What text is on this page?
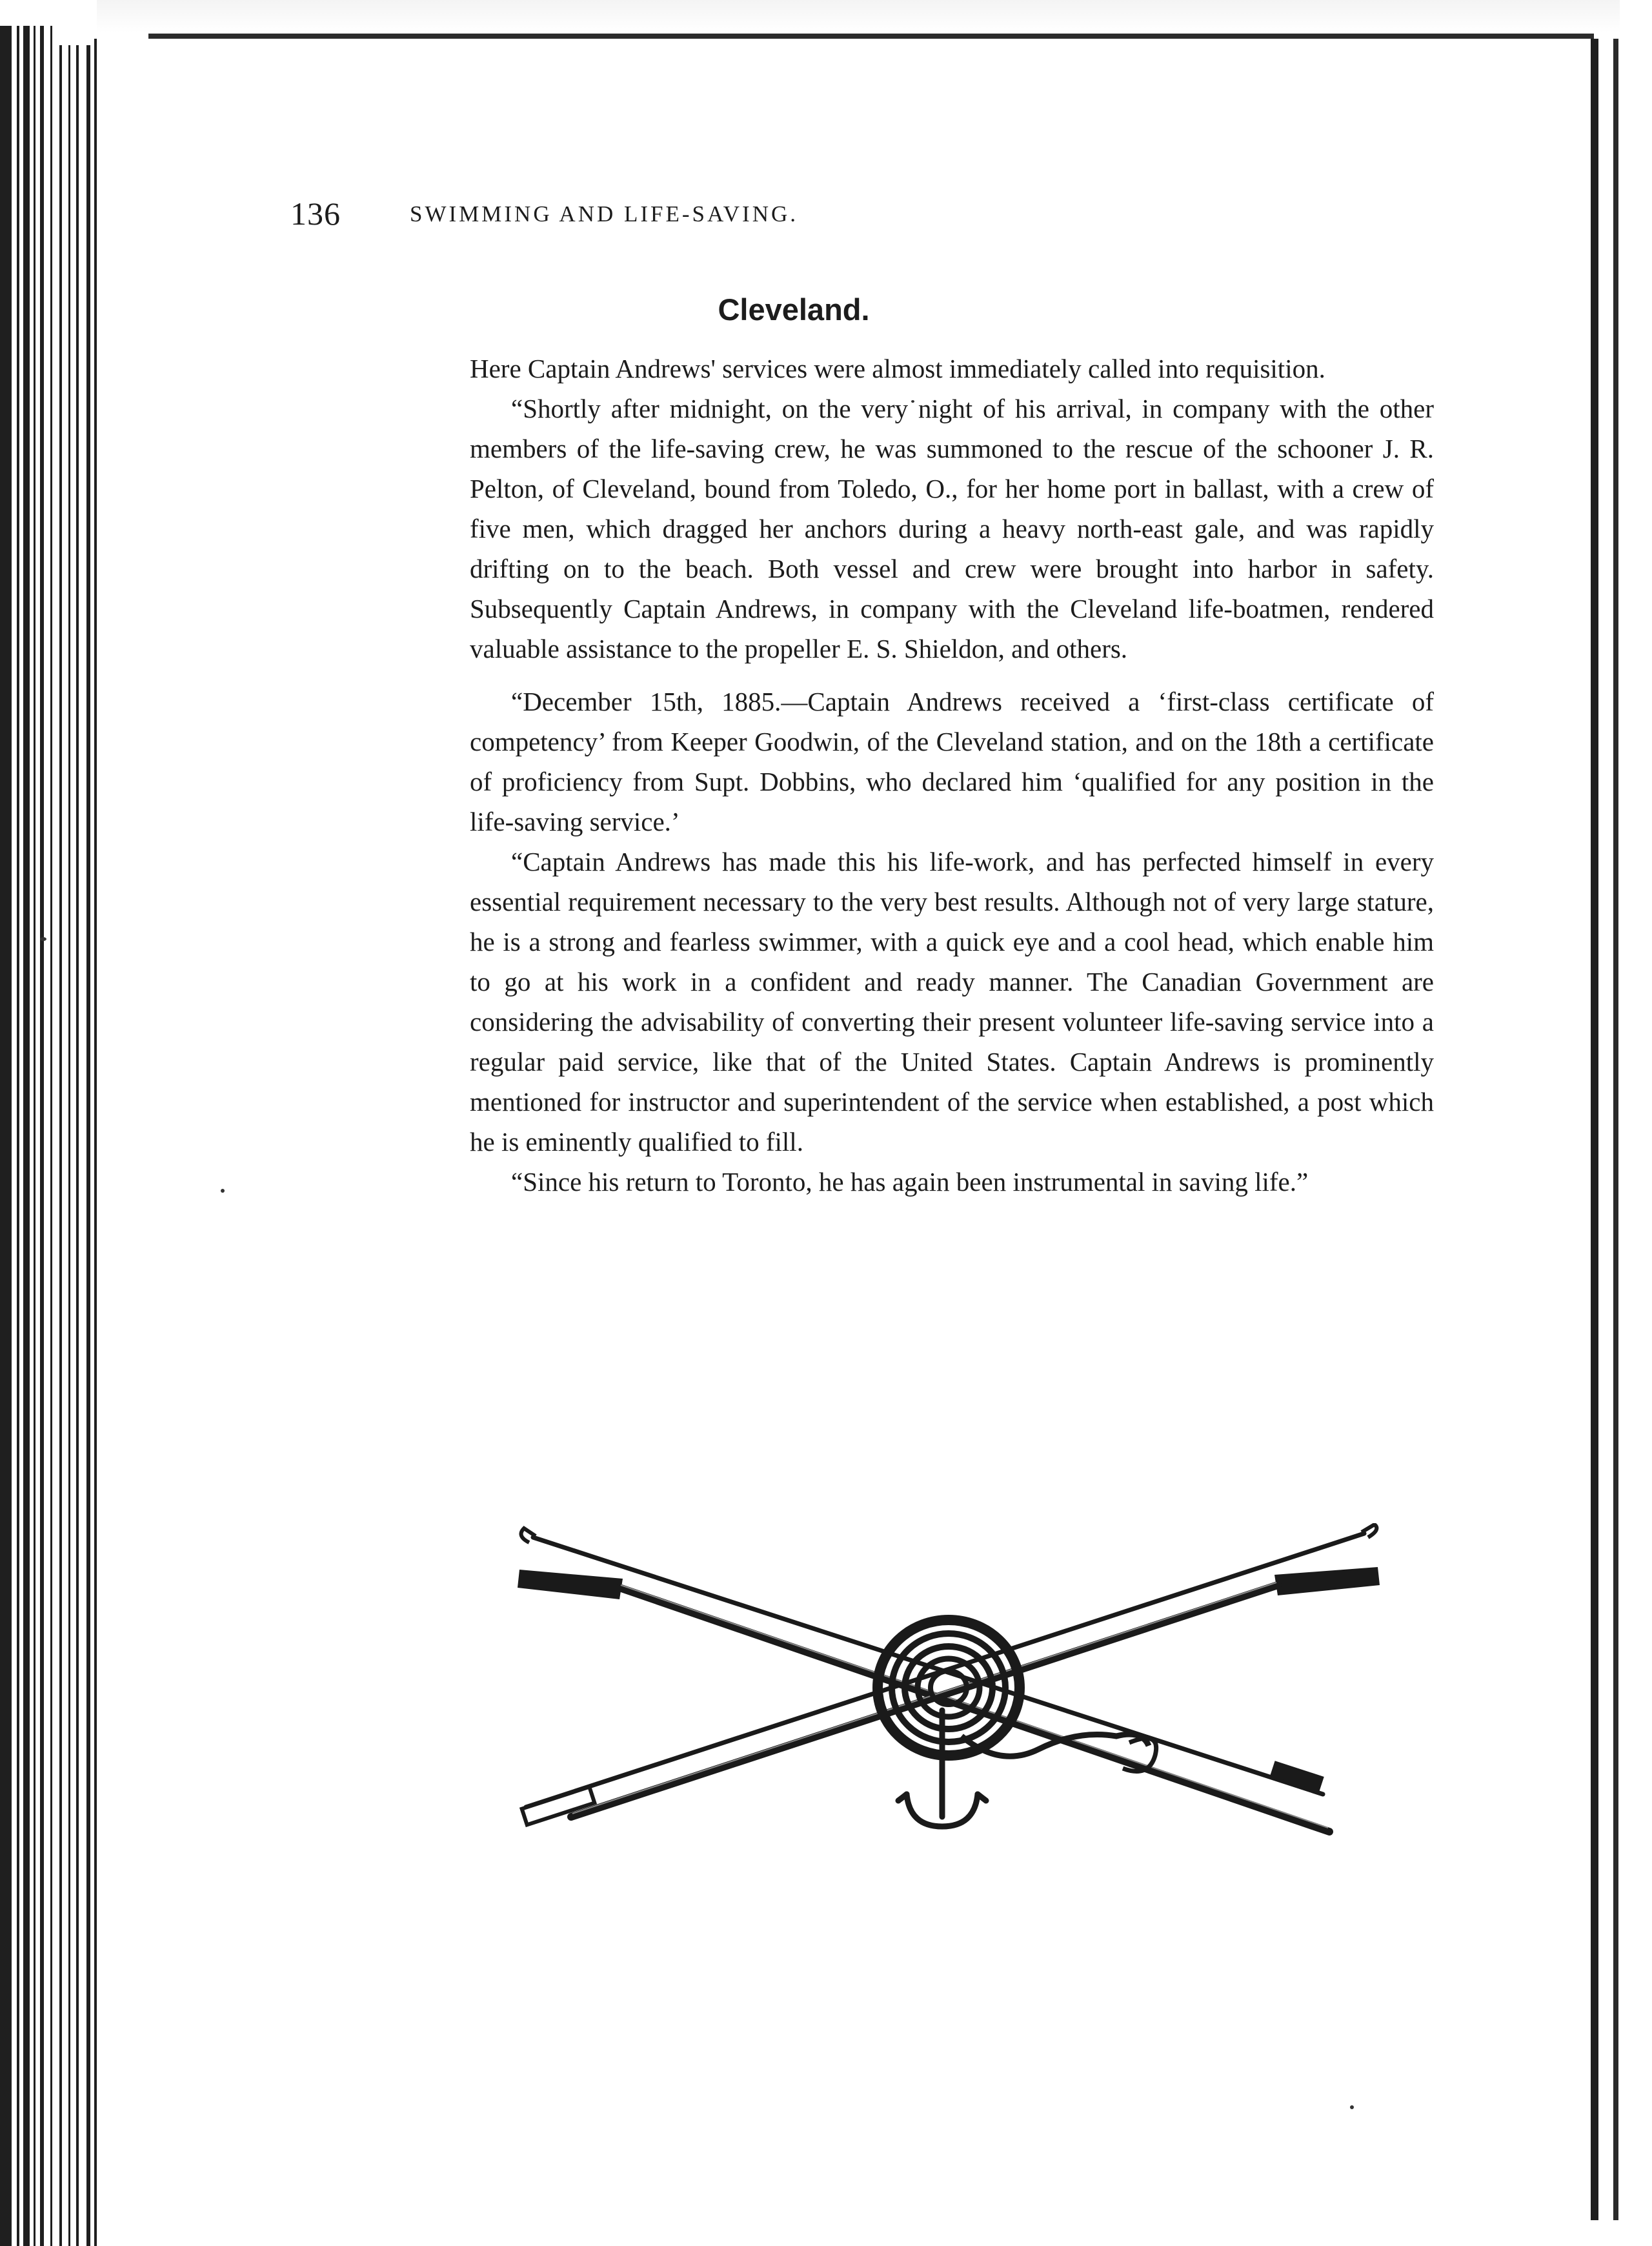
136	SWIMMING AND LIFE-SAVING.
Cleveland.

Here Captain Andrews' services were almost immediately called into requisition.

“Shortly after midnight, on the very night of his arrival, in company with the other members of the life-saving crew, he was summoned to the rescue of the schooner J. R. Pelton, of Cleveland, bound from Toledo, O., for her home port in ballast, with a crew of five men, which dragged her anchors during a heavy north-east gale, and was rapidly drifting on to the beach. Both vessel and crew were brought into harbor in safety. Subsequently Captain Andrews, in company with the Cleveland life-boatmen, rendered valuable assistance to the propeller E. S. Shieldon, and others.

“December 15th, 1885.—Captain Andrews received a ‘first-class certificate of competency’ from Keeper Goodwin, of the Cleveland station, and on the 18th a certificate of proficiency from Supt. Dobbins, who declared him ‘qualified for any position in the life-saving service.’

“Captain Andrews has made this his life-work, and has perfected himself in every essential requirement necessary to the very best results. Although not of very large stature, he is a strong and fearless swimmer, with a quick eye and a cool head, which enable him to go at his work in a confident and ready manner. The Canadian Government are considering the advisability of converting their present volunteer life-saving service into a regular paid service, like that of the United States. Captain Andrews is prominently mentioned for instructor and superintendent of the service when established, a post which he is eminently qualified to fill.

“Since his return to Toronto, he has again been instrumental in saving life.”
